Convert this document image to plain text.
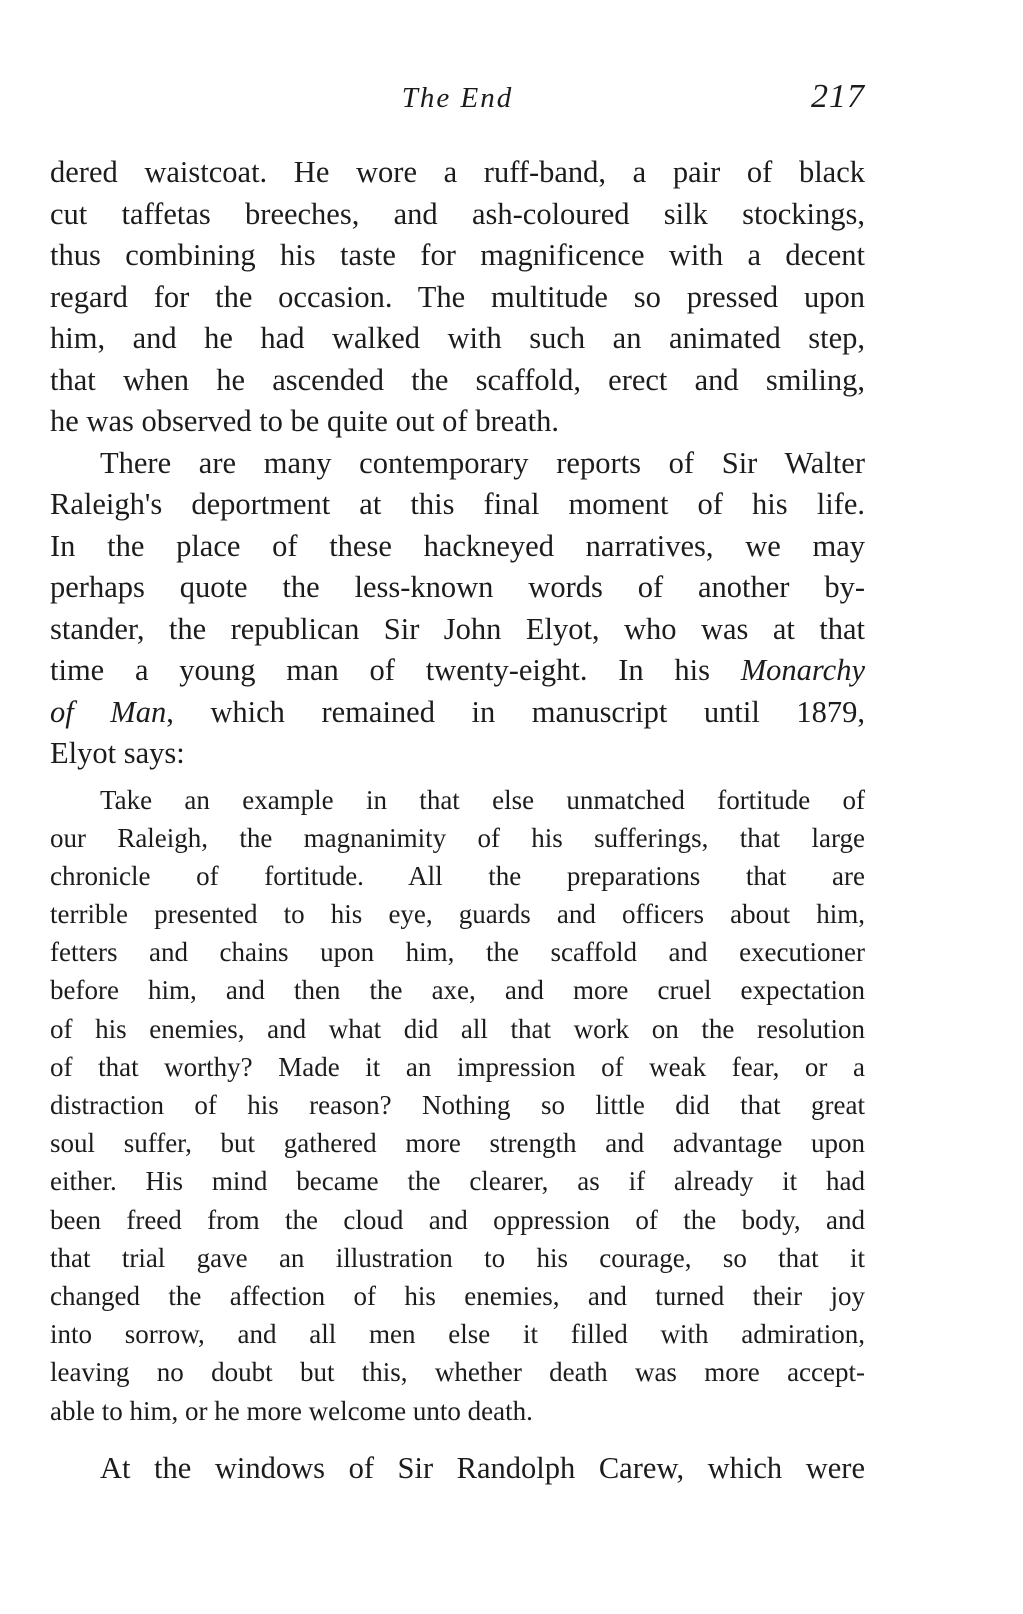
The End	217
dered waistcoat. He wore a ruff-band, a pair of black
cut taffetas breeches, and ash-coloured silk stockings,
thus combining his taste for magnificence with a decent
regard for the occasion. The multitude so pressed upon
him, and he had walked with such an animated step,
that when he ascended the scaffold, erect and smiling,
he was observed to be quite out of breath.
There are many contemporary reports of Sir Walter
Raleigh's deportment at this final moment of his life.
In the place of these hackneyed narratives, we may
perhaps quote the less-known words of another by-
stander, the republican Sir John Elyot, who was at that
time a young man of twenty-eight. In his Monarchy
of Man, which remained in manuscript until 1879,
Elyot says:
Take an example in that else unmatched fortitude of
our Raleigh, the magnanimity of his sufferings, that large
chronicle of fortitude. All the preparations that are
terrible presented to his eye, guards and officers about him,
fetters and chains upon him, the scaffold and executioner
before him, and then the axe, and more cruel expectation
of his enemies, and what did all that work on the resolution
of that worthy? Made it an impression of weak fear, or a
distraction of his reason? Nothing so little did that great
soul suffer, but gathered more strength and advantage upon
either. His mind became the clearer, as if already it had
been freed from the cloud and oppression of the body, and
that trial gave an illustration to his courage, so that it
changed the affection of his enemies, and turned their joy
into sorrow, and all men else it filled with admiration,
leaving no doubt but this, whether death was more accept-
able to him, or he more welcome unto death.
At the windows of Sir Randolph Carew, which were
